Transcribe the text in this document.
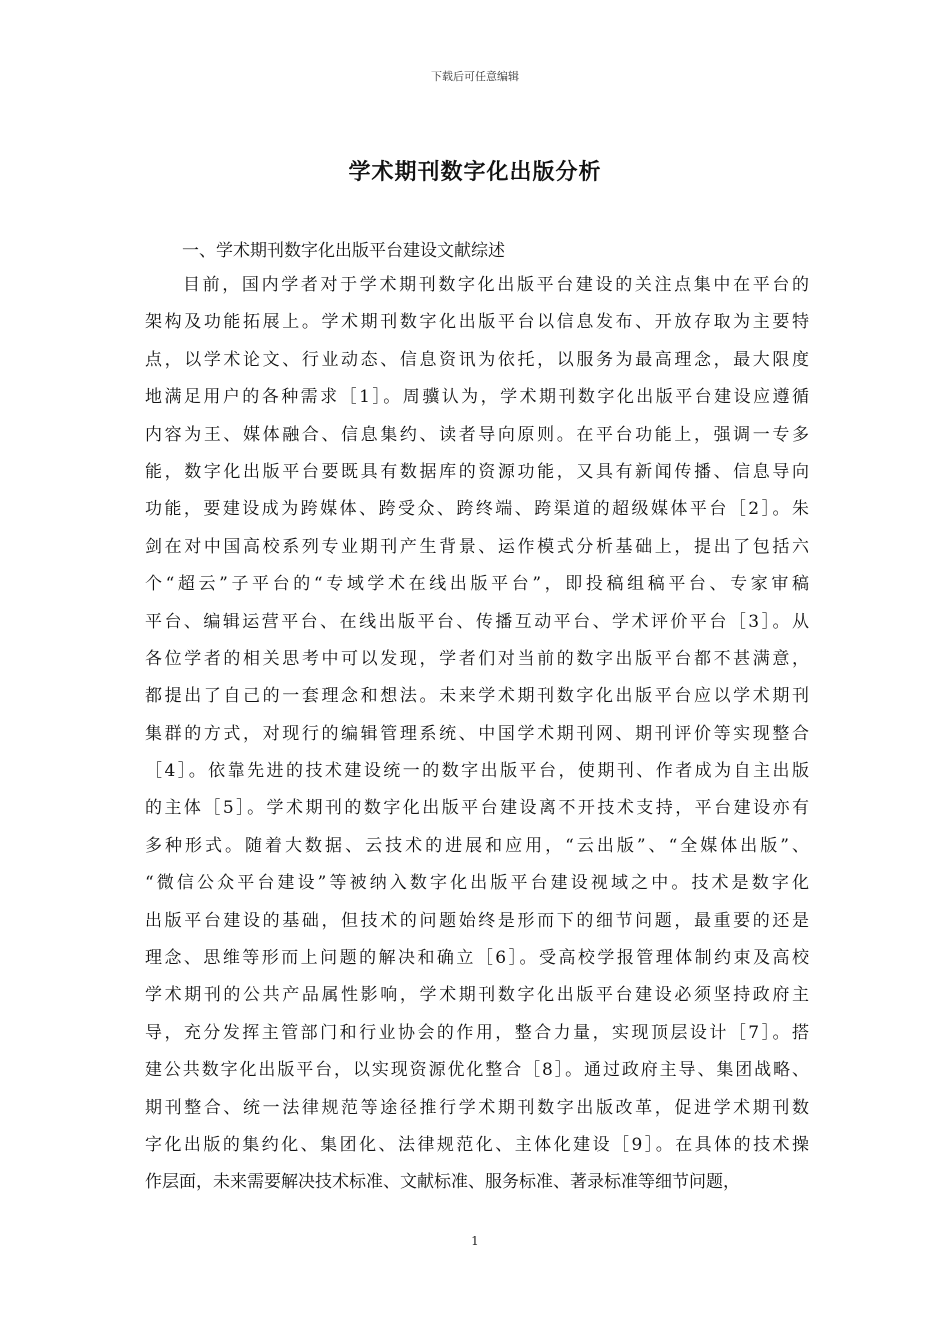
下载后可任意编辑
学术期刊数字化出版分析
一、学术期刊数字化出版平台建设文献综述
目前，国内学者对于学术期刊数字化出版平台建设的关注点集中在平台的
架构及功能拓展上。学术期刊数字化出版平台以信息发布、开放存取为主要特
点，以学术论文、行业动态、信息资讯为依托，以服务为最高理念，最大限度
地满足用户的各种需求［1］。周骥认为，学术期刊数字化出版平台建设应遵循
内容为王、媒体融合、信息集约、读者导向原则。在平台功能上，强调一专多
能，数字化出版平台要既具有数据库的资源功能，又具有新闻传播、信息导向
功能，要建设成为跨媒体、跨受众、跨终端、跨渠道的超级媒体平台［2］。朱
剑在对中国高校系列专业期刊产生背景、运作模式分析基础上，提出了包括六
个“超云”子平台的“专域学术在线出版平台”，即投稿组稿平台、专家审稿
平台、编辑运营平台、在线出版平台、传播互动平台、学术评价平台［3］。从
各位学者的相关思考中可以发现，学者们对当前的数字出版平台都不甚满意，
都提出了自己的一套理念和想法。未来学术期刊数字化出版平台应以学术期刊
集群的方式，对现行的编辑管理系统、中国学术期刊网、期刊评价等实现整合
［4］。依靠先进的技术建设统一的数字出版平台，使期刊、作者成为自主出版
的主体［5］。学术期刊的数字化出版平台建设离不开技术支持，平台建设亦有
多种形式。随着大数据、云技术的进展和应用，“云出版”、“全媒体出版”、
“微信公众平台建设”等被纳入数字化出版平台建设视域之中。技术是数字化
出版平台建设的基础，但技术的问题始终是形而下的细节问题，最重要的还是
理念、思维等形而上问题的解决和确立［6］。受高校学报管理体制约束及高校
学术期刊的公共产品属性影响，学术期刊数字化出版平台建设必须坚持政府主
导，充分发挥主管部门和行业协会的作用，整合力量，实现顶层设计［7］。搭
建公共数字化出版平台，以实现资源优化整合［8］。通过政府主导、集团战略、
期刊整合、统一法律规范等途径推行学术期刊数字出版改革，促进学术期刊数
字化出版的集约化、集团化、法律规范化、主体化建设［9］。在具体的技术操
作层面，未来需要解决技术标准、文献标准、服务标准、著录标准等细节问题，
1
